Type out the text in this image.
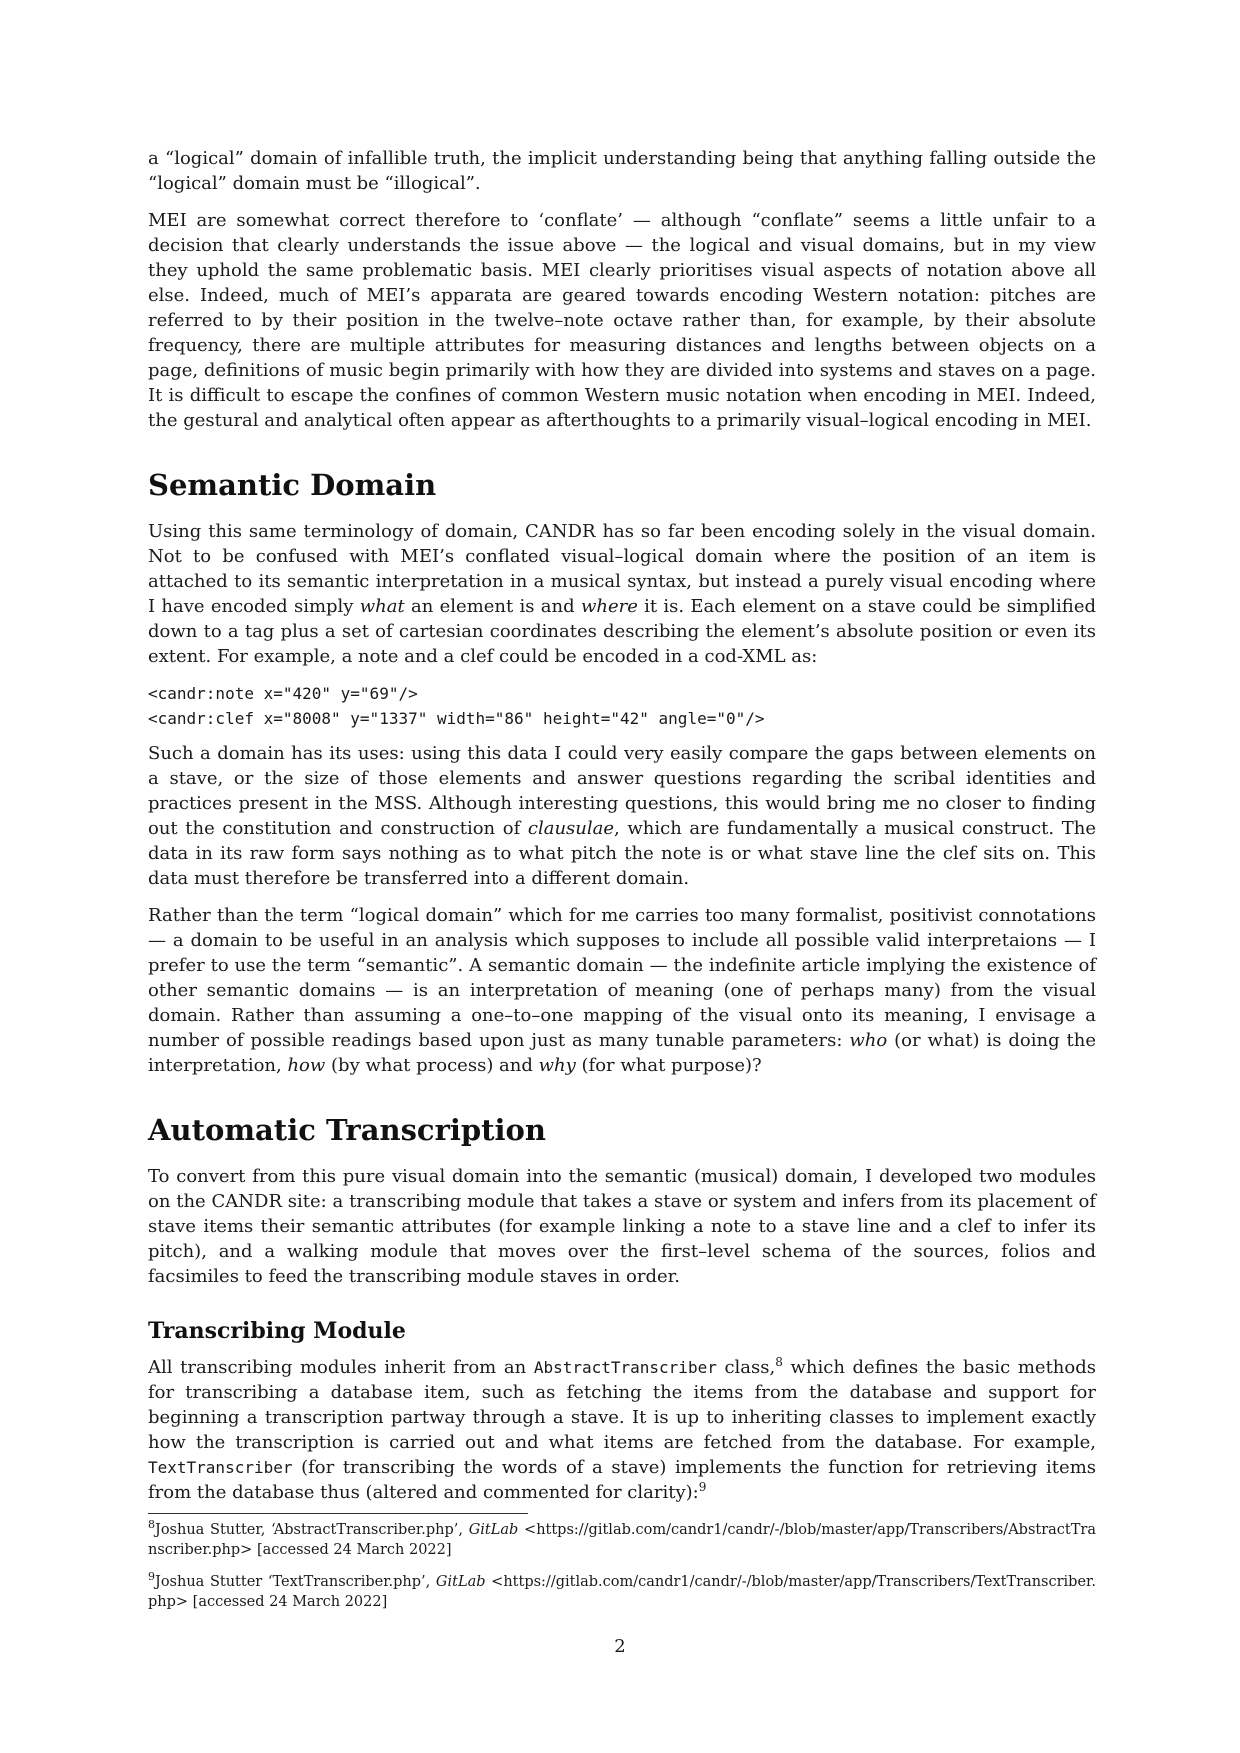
a “logical” domain of infallible truth, the implicit understanding being that anything falling outside the “logical” domain must be “illogical”.

MEI are somewhat correct therefore to ‘conflate’ — although “conflate” seems a little unfair to a decision that clearly understands the issue above — the logical and visual domains, but in my view they uphold the same problematic basis. MEI clearly prioritises visual aspects of notation above all else. Indeed, much of MEI’s apparata are geared towards encoding Western notation: pitches are referred to by their position in the twelve–note octave rather than, for example, by their absolute frequency, there are multiple attributes for measuring distances and lengths between objects on a page, definitions of music begin primarily with how they are divided into systems and staves on a page. It is difficult to escape the confines of common Western music notation when encoding in MEI. Indeed, the gestural and analytical often appear as afterthoughts to a primarily visual–logical encoding in MEI.

Semantic Domain

Using this same terminology of domain, CANDR has so far been encoding solely in the visual domain. Not to be confused with MEI’s conflated visual–logical domain where the position of an item is attached to its semantic interpretation in a musical syntax, but instead a purely visual encoding where I have encoded simply what an element is and where it is. Each element on a stave could be simplified down to a tag plus a set of cartesian coordinates describing the element’s absolute position or even its extent. For example, a note and a clef could be encoded in a cod-XML as:

<candr:note x="420" y="69"/>
<candr:clef x="8008" y="1337" width="86" height="42" angle="0"/>

Such a domain has its uses: using this data I could very easily compare the gaps between elements on a stave, or the size of those elements and answer questions regarding the scribal identities and practices present in the MSS. Although interesting questions, this would bring me no closer to finding out the constitution and construction of clausulae, which are fundamentally a musical construct. The data in its raw form says nothing as to what pitch the note is or what stave line the clef sits on. This data must therefore be transferred into a different domain.

Rather than the term “logical domain” which for me carries too many formalist, positivist connotations — a domain to be useful in an analysis which supposes to include all possible valid interpretaions — I prefer to use the term “semantic”. A semantic domain — the indefinite article implying the existence of other semantic domains — is an interpretation of meaning (one of perhaps many) from the visual domain. Rather than assuming a one–to–one mapping of the visual onto its meaning, I envisage a number of possible readings based upon just as many tunable parameters: who (or what) is doing the interpretation, how (by what process) and why (for what purpose)?

Automatic Transcription

To convert from this pure visual domain into the semantic (musical) domain, I developed two modules on the CANDR site: a transcribing module that takes a stave or system and infers from its placement of stave items their semantic attributes (for example linking a note to a stave line and a clef to infer its pitch), and a walking module that moves over the first–level schema of the sources, folios and facsimiles to feed the transcribing module staves in order.

Transcribing Module

All transcribing modules inherit from an AbstractTranscriber class,$^8$ which defines the basic methods for transcribing a database item, such as fetching the items from the database and support for beginning a transcription partway through a stave. It is up to inheriting classes to implement exactly how the transcription is carried out and what items are fetched from the database. For example, TextTranscriber (for transcribing the words of a stave) implements the function for retrieving items from the database thus (altered and commented for clarity):$^9$

$^8$Joshua Stutter, ‘AbstractTranscriber.php’, GitLab <https://gitlab.com/candr1/candr/-/blob/master/app/Transcribers/AbstractTranscriber.php> [accessed 24 March 2022]

$^9$Joshua Stutter ‘TextTranscriber.php’, GitLab <https://gitlab.com/candr1/candr/-/blob/master/app/Transcribers/TextTranscriber.php> [accessed 24 March 2022]

2
